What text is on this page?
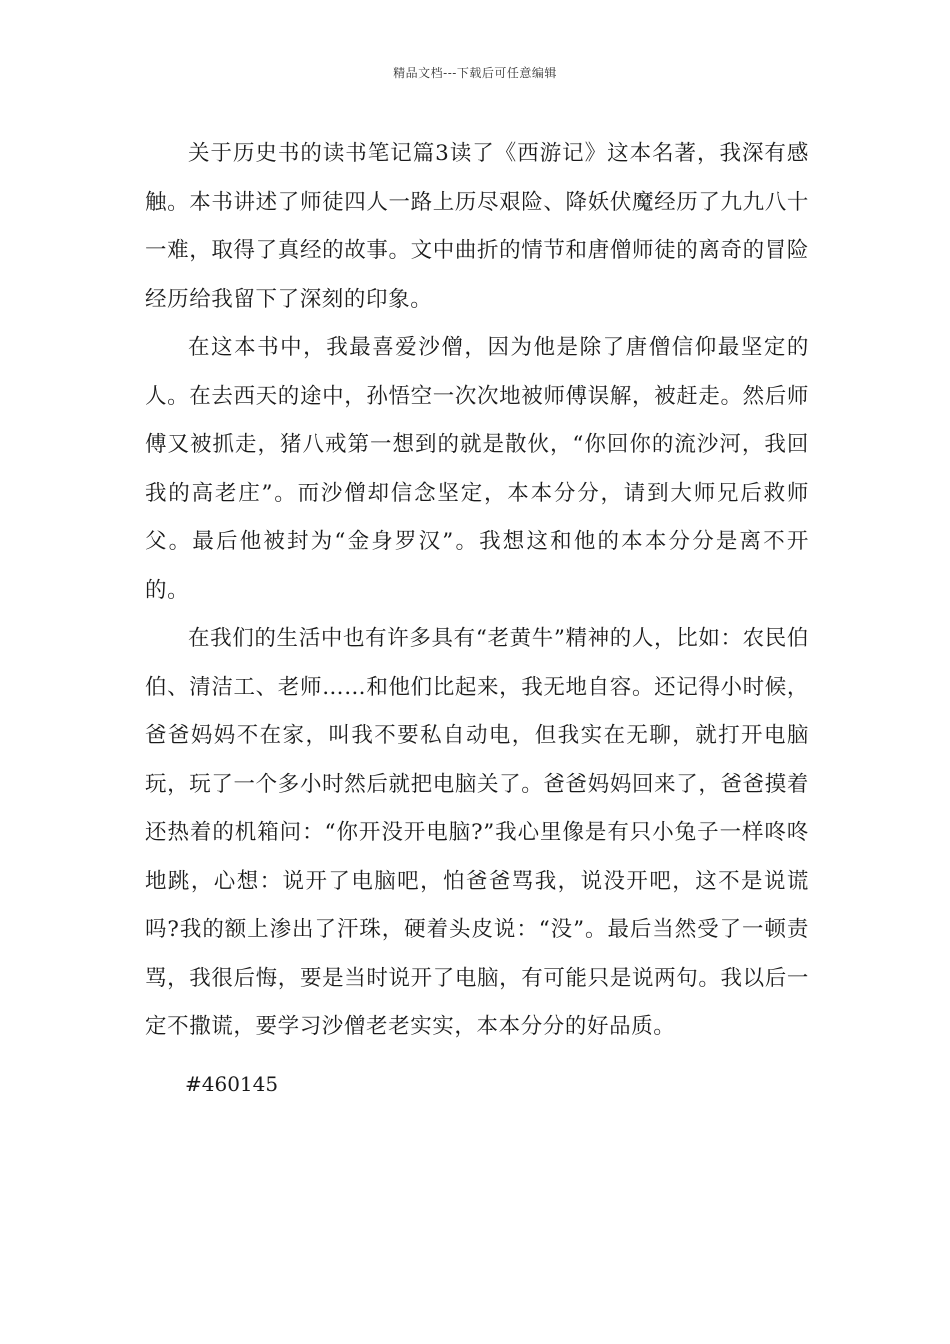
精品文档---下载后可任意编辑

关于历史书的读书笔记篇3读了《西游记》这本名著，我深有感触。本书讲述了师徒四人一路上历尽艰险、降妖伏魔经历了九九八十一难，取得了真经的故事。文中曲折的情节和唐僧师徒的离奇的冒险经历给我留下了深刻的印象。

在这本书中，我最喜爱沙僧，因为他是除了唐僧信仰最坚定的人。在去西天的途中，孙悟空一次次地被师傅误解，被赶走。然后师傅又被抓走，猪八戒第一想到的就是散伙，“你回你的流沙河，我回我的高老庄”。而沙僧却信念坚定，本本分分，请到大师兄后救师父。最后他被封为“金身罗汉”。我想这和他的本本分分是离不开的。

在我们的生活中也有许多具有“老黄牛”精神的人，比如：农民伯伯、清洁工、老师……和他们比起来，我无地自容。还记得小时候，爸爸妈妈不在家，叫我不要私自动电，但我实在无聊，就打开电脑玩，玩了一个多小时然后就把电脑关了。爸爸妈妈回来了，爸爸摸着还热着的机箱问：“你开没开电脑?”我心里像是有只小兔子一样咚咚地跳，心想：说开了电脑吧，怕爸爸骂我，说没开吧，这不是说谎吗?我的额上渗出了汗珠，硬着头皮说：“没”。最后当然受了一顿责骂，我很后悔，要是当时说开了电脑，有可能只是说两句。我以后一定不撒谎，要学习沙僧老老实实，本本分分的好品质。

#460145
